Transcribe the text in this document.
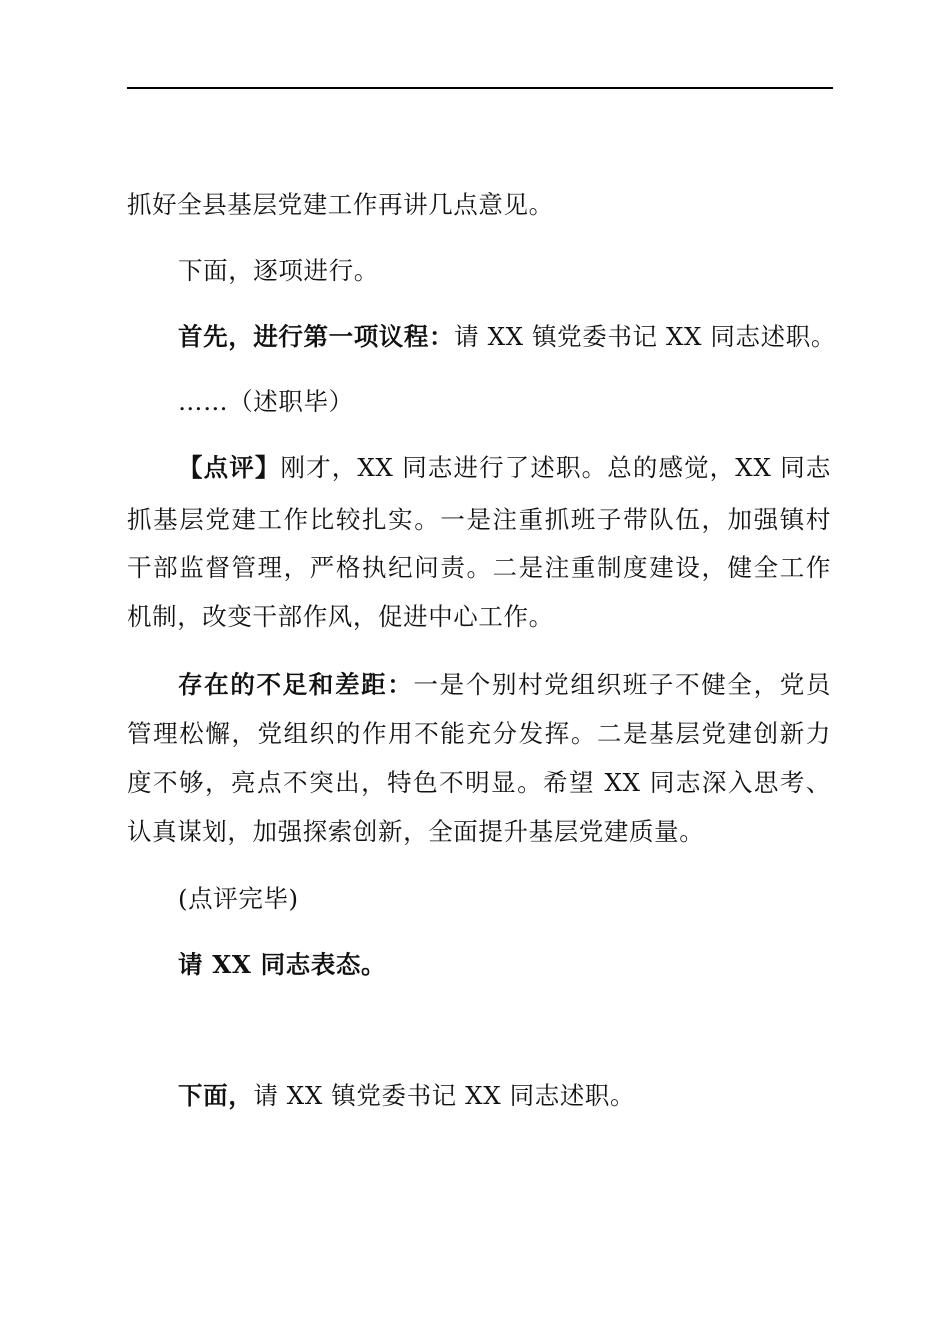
抓好全县基层党建工作再讲几点意见。
下面，逐项进行。
首先，进行第一项议程：请 XX 镇党委书记 XX 同志述职。
……（述职毕）
【点评】刚才，XX 同志进行了述职。总的感觉，XX 同志
抓基层党建工作比较扎实。一是注重抓班子带队伍，加强镇村
干部监督管理，严格执纪问责。二是注重制度建设，健全工作
机制，改变干部作风，促进中心工作。
存在的不足和差距：一是个别村党组织班子不健全，党员
管理松懈，党组织的作用不能充分发挥。二是基层党建创新力
度不够，亮点不突出，特色不明显。希望 XX 同志深入思考、
认真谋划，加强探索创新，全面提升基层党建质量。
(点评完毕)
请 XX 同志表态。
下面，请 XX 镇党委书记 XX 同志述职。
